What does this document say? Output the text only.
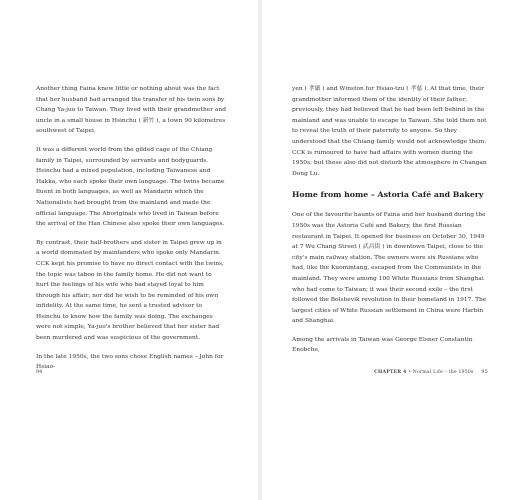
Another thing Faina knew little or nothing about was the fact that her husband had arranged the transfer of his twin sons by Chang Ya-juo to Taiwan. They lived with their grandmother and uncle in a small house in Hsinchu ( 新竹 ), a town 90 kilometres southwest of Taipei.

It was a different world from the gilded cage of the Chiang family in Taipei, surrounded by servants and bodyguards. Hsinchu had a mixed population, including Taiwanese and Hakka, who each spoke their own language. The twins became fluent in both languages, as well as Mandarin which the Nationalists had brought from the mainland and made the official language. The Aboriginals who lived in Taiwan before the arrival of the Han Chinese also spoke their own languages.

By contrast, their half-brothers and sister in Taipei grew up in a world dominated by mainlanders who spoke only Mandarin. CCK kept his promise to have no direct contact with the twins; the topic was taboo in the family home. He did not want to hurt the feelings of his wife who had stayed loyal to him through his affair; nor did he wish to be reminded of his own infidelity. At the same time, he sent a trusted advisor to Hsinchu to know how the family was doing. The exchanges were not simple, Ya-juo's brother believed that her sister had been murdered and was suspicious of the government.

In the late 1950s, the two sons chose English names – John for Hsiao-

94

yen ( 孝嚴 ) and Winston for Hsiao-tzu ( 孝慈 ). At that time, their grandmother informed them of the identity of their father; previously, they had believed that he had been left behind in the mainland and was unable to escape to Taiwan. She told them not to reveal the truth of their paternity to anyone. So they understood that the Chiang family would not acknowledge them. CCK is rumoured to have had affairs with women during the 1950s; but these also did not disturb the atmosphere in Changan Dong Lu.

Home from home – Astoria Café and Bakery

One of the favourite haunts of Faina and her husband during the 1950s was the Astoria Café and Bakery, the first Russian restaurant in Taipei. It opened for business on October 30, 1949 at 7 Wu Chang Street ( 武昌街 ) in downtown Taipei, close to the city's main railway station. The owners were six Russians who had, like the Kuomintang, escaped from the Communists in the mainland. They were among 100 White Russians from Shanghai who had come to Taiwan; it was their second exile – the first followed the Bolshevik revolution in their homeland in 1917. The largest cities of White Russian settlement in China were Harbin and Shanghai.

Among the arrivals in Taiwan was George Elsner Constantin Enobche,

CHAPTER 4 • Normal Life – the 1950s 95
